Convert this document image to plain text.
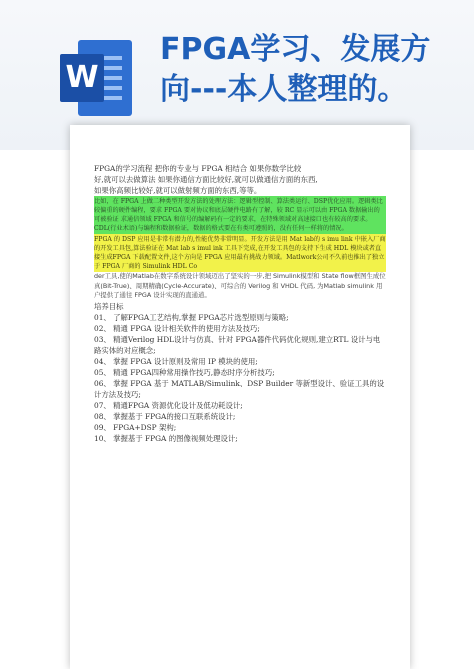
W
FPGA学习、发展方向---本人整理的。

FPGA的学习流程 把你的专业与 FPGA 相结合 如果你数学比较

好,就可以去做算法 如果你通信方面比较好,就可以做通信方面的东西,

如果你高频比较好,就可以做射频方面的东西,等等。

比如，在 FPGA 上做二种类型开发方法的处理方法：逻辑型控制、算法类运行、DSP优化应用。逻辑类比较偏重的硬件编程，要求 FPGA 要对协议和底层硬件电路有了解，较 RC 显示可以由 FPGA 数据输出的可被验证 求通信领域 FPGA 和信号的编解码有一定的要求，在特殊领域对高速接口也有较高的要求。CDL(行业术语)与编程和数据验证，数据的格式要在有类可遵照的，没有任何一样将的情况。

FPGA 的 DSP 应用是非常有潜力的,性能优势非常明显。开发方法是用 Mat lab的 s imu link 中嵌入厂商的开发工具包,算法验证在 Mat lab s imul ink 工具下完成,在开发工具包的支持下生成 HDL 模块或者直接生成FPGA 下载配置文件,这个方向是 FPGA 应用最有挑战力领域。Matlwork公司不久前也推出了独立于 FPGA 厂商的 Simulink HDL Co

der工具,使的Matlab在数字系统设计领域迈出了坚实的一步,把 Simulink模型和 State flow框图生成位真(Bit-True)、周期精确(Cycle-Accurate)、可综合的 Verilog 和 VHDL 代码, 为Matlab simulink 用户提供了通往 FPGA 设计实现的直通道。

培养目标

01、 了解FPGA工艺结构,掌握 FPGA芯片选型原则与策略;

02、 精通 FPGA 设计相关软件的使用方法及技巧;

03、 精通Verilog HDL设计与仿真、针对 FPGA器件代码优化规则,建立RTL 设计与电路实体的对应概念;

04、 掌握 FPGA 设计原则及常用 IP 模块的使用;

05、 精通 FPGA四种常用操作技巧,静态时序分析技巧;

06、 掌握 FPGA 基于 MATLAB/Simulink、DSP Builder 等新型设计、验证工具的设计方法及技巧;

07、 精通FPGA 资源优化设计及低功耗设计;

08、 掌握基于 FPGA的接口互联系统设计;

09、 FPGA+DSP 架构;

10、 掌握基于 FPGA 的图像视频处理设计;
